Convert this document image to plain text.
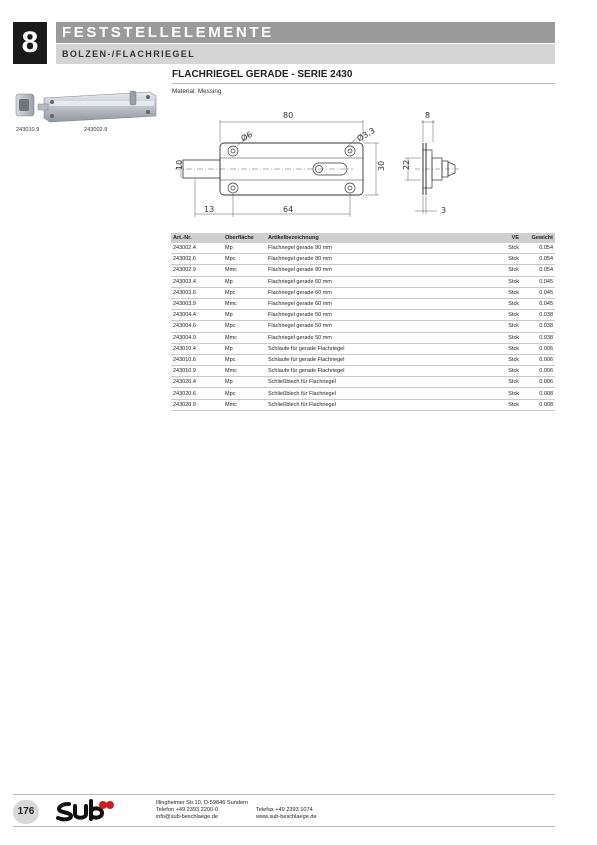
8	FESTSTELLELEMENTE
BOLZEN-/FLACHRIEGEL
243010.9	243002.9
FLACHRIEGEL GERADE - SERIE 2430
Material: Messing
80
Ø6	Ø3,3
30
10
13	64
8
22
3
Art.-Nr.	Oberfläche	Artikelbezeichnung	VE	Gewicht
243002.4	Mp	Flachriegel gerade 80 mm	Stck	0.054
243002.6	Mpc	Flachriegel gerade 80 mm	Stck	0.054
243002.9	Mmc	Flachriegel gerade 80 mm	Stck	0.054
243003.4	Mp	Flachriegel gerade 60 mm	Stck	0.045
243003.6	Mpc	Flachriegel gerade 60 mm	Stck	0.045
243003.9	Mmc	Flachriegel gerade 60 mm	Stck	0.045
243004.4	Mp	Flachriegel gerade 50 mm	Stck	0.038
243004.6	Mpc	Flachriegel gerade 50 mm	Stck	0.038
243004.9	Mmc	Flachriegel gerade 50 mm	Stck	0.038
243010.4	Mp	Schlaufe für gerade Flachriegel	Stck	0.006
243010.6	Mpc	Schlaufe für gerade Flachriegel	Stck	0.006
243010.9	Mmc	Schlaufe für gerade Flachriegel	Stck	0.006
243020.4	Mp	Schließblech für Flachriegel	Stck	0.006
243020.6	Mpc	Schließblech für Flachriegel	Stck	0.008
243020.9	Mmc	Schließblech für Flachriegel	Stck	0.008
176
Illingheimer Str.10, D-59846 Sundern
Telefon +49 2393 2200-0
info@sub-beschlaege.de
Telefax +49 2393 1074
www.sub-beschlaege.de
